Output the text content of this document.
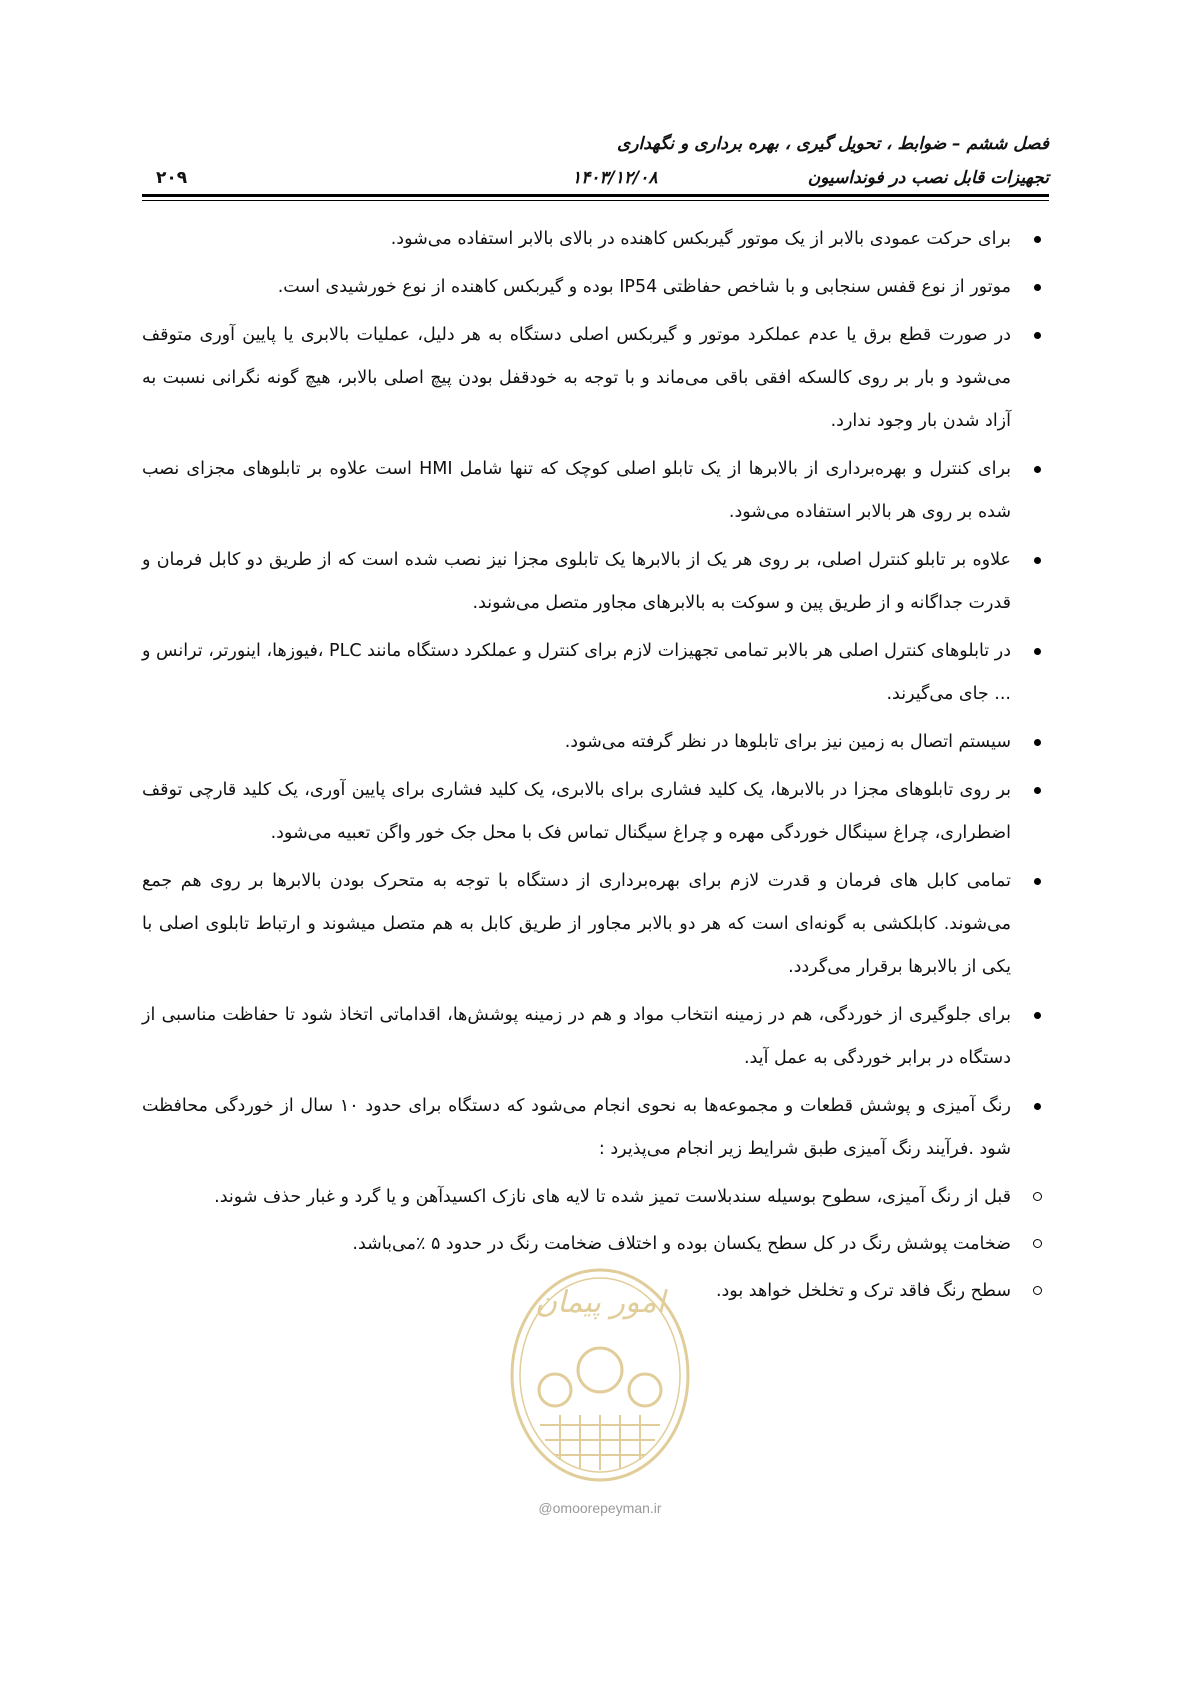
فصل ششم – ضوابط ، تحویل گیری ، بهره برداری و نگهداری
تجهیزات قابل نصب در فونداسیون
۱۴۰۳/۱۲/۰۸
۲۰۹
برای حرکت عمودی بالابر از یک موتور گیربکس کاهنده در بالای بالابر استفاده می‌شود.
موتور از نوع قفس سنجابی و با شاخص حفاظتی IP54 بوده و گیربکس کاهنده از نوع خورشیدی است.
در صورت قطع برق یا عدم عملکرد موتور و گیربکس اصلی دستگاه به هر دلیل، عملیات بالابری یا پایین آوری متوقف می‌شود و بار بر روی کالسکه افقی باقی می‌ماند و با توجه به خودقفل بودن پیچ اصلی بالابر، هیچ گونه نگرانی نسبت به آزاد شدن بار وجود ندارد.
برای کنترل و بهره‌برداری از بالابرها از یک تابلو اصلی کوچک که تنها شامل HMI است علاوه بر تابلوهای مجزای نصب شده بر روی هر بالابر استفاده می‌شود.
علاوه بر تابلو کنترل اصلی، بر روی هر یک از بالابرها یک تابلوی مجزا نیز نصب شده است که از طریق دو کابل فرمان و قدرت جداگانه و از طریق پین و سوکت به بالابرهای مجاور متصل می‌شوند.
در تابلوهای کنترل اصلی هر بالابر تمامی تجهیزات لازم برای کنترل و عملکرد دستگاه مانند PLC ،فیوزها، اینورتر، ترانس و ... جای می‌گیرند.
سیستم اتصال به زمین نیز برای تابلوها در نظر گرفته می‌شود.
بر روی تابلوهای مجزا در بالابرها، یک کلید فشاری برای بالابری، یک کلید فشاری برای پایین آوری، یک کلید قارچی توقف اضطراری، چراغ سینگال خوردگی مهره و چراغ سیگنال تماس فک با محل جک خور واگن تعبیه می‌شود.
تمامی کابل های فرمان و قدرت لازم برای بهره‌برداری از دستگاه با توجه به متحرک بودن بالابرها بر روی هم جمع می‌شوند. کابلکشی به گونه‌ای است که هر دو بالابر مجاور از طریق کابل به هم متصل میشوند و ارتباط تابلوی اصلی با یکی از بالابرها برقرار می‌گردد.
برای جلوگیری از خوردگی، هم در زمینه انتخاب مواد و هم در زمینه پوشش‌ها، اقداماتی اتخاذ شود تا حفاظت مناسبی از دستگاه در برابر خوردگی به عمل آید.
رنگ آمیزی و پوشش قطعات و مجموعه‌ها به نحوی انجام می‌شود که دستگاه برای حدود ۱۰ سال از خوردگی محافظت شود .فرآیند رنگ آمیزی طبق شرایط زیر انجام می‌پذیرد :
قبل از رنگ آمیزی، سطوح بوسیله سندبلاست تمیز شده تا لایه های نازک اکسیدآهن و یا گرد و غبار حذف شوند.
ضخامت پوشش رنگ در کل سطح یکسان بوده و اختلاف ضخامت رنگ در حدود ۵ ٪می‌باشد.
سطح رنگ فاقد ترک و تخلخل خواهد بود.
امور پیمان
@omoorepeyman.ir
